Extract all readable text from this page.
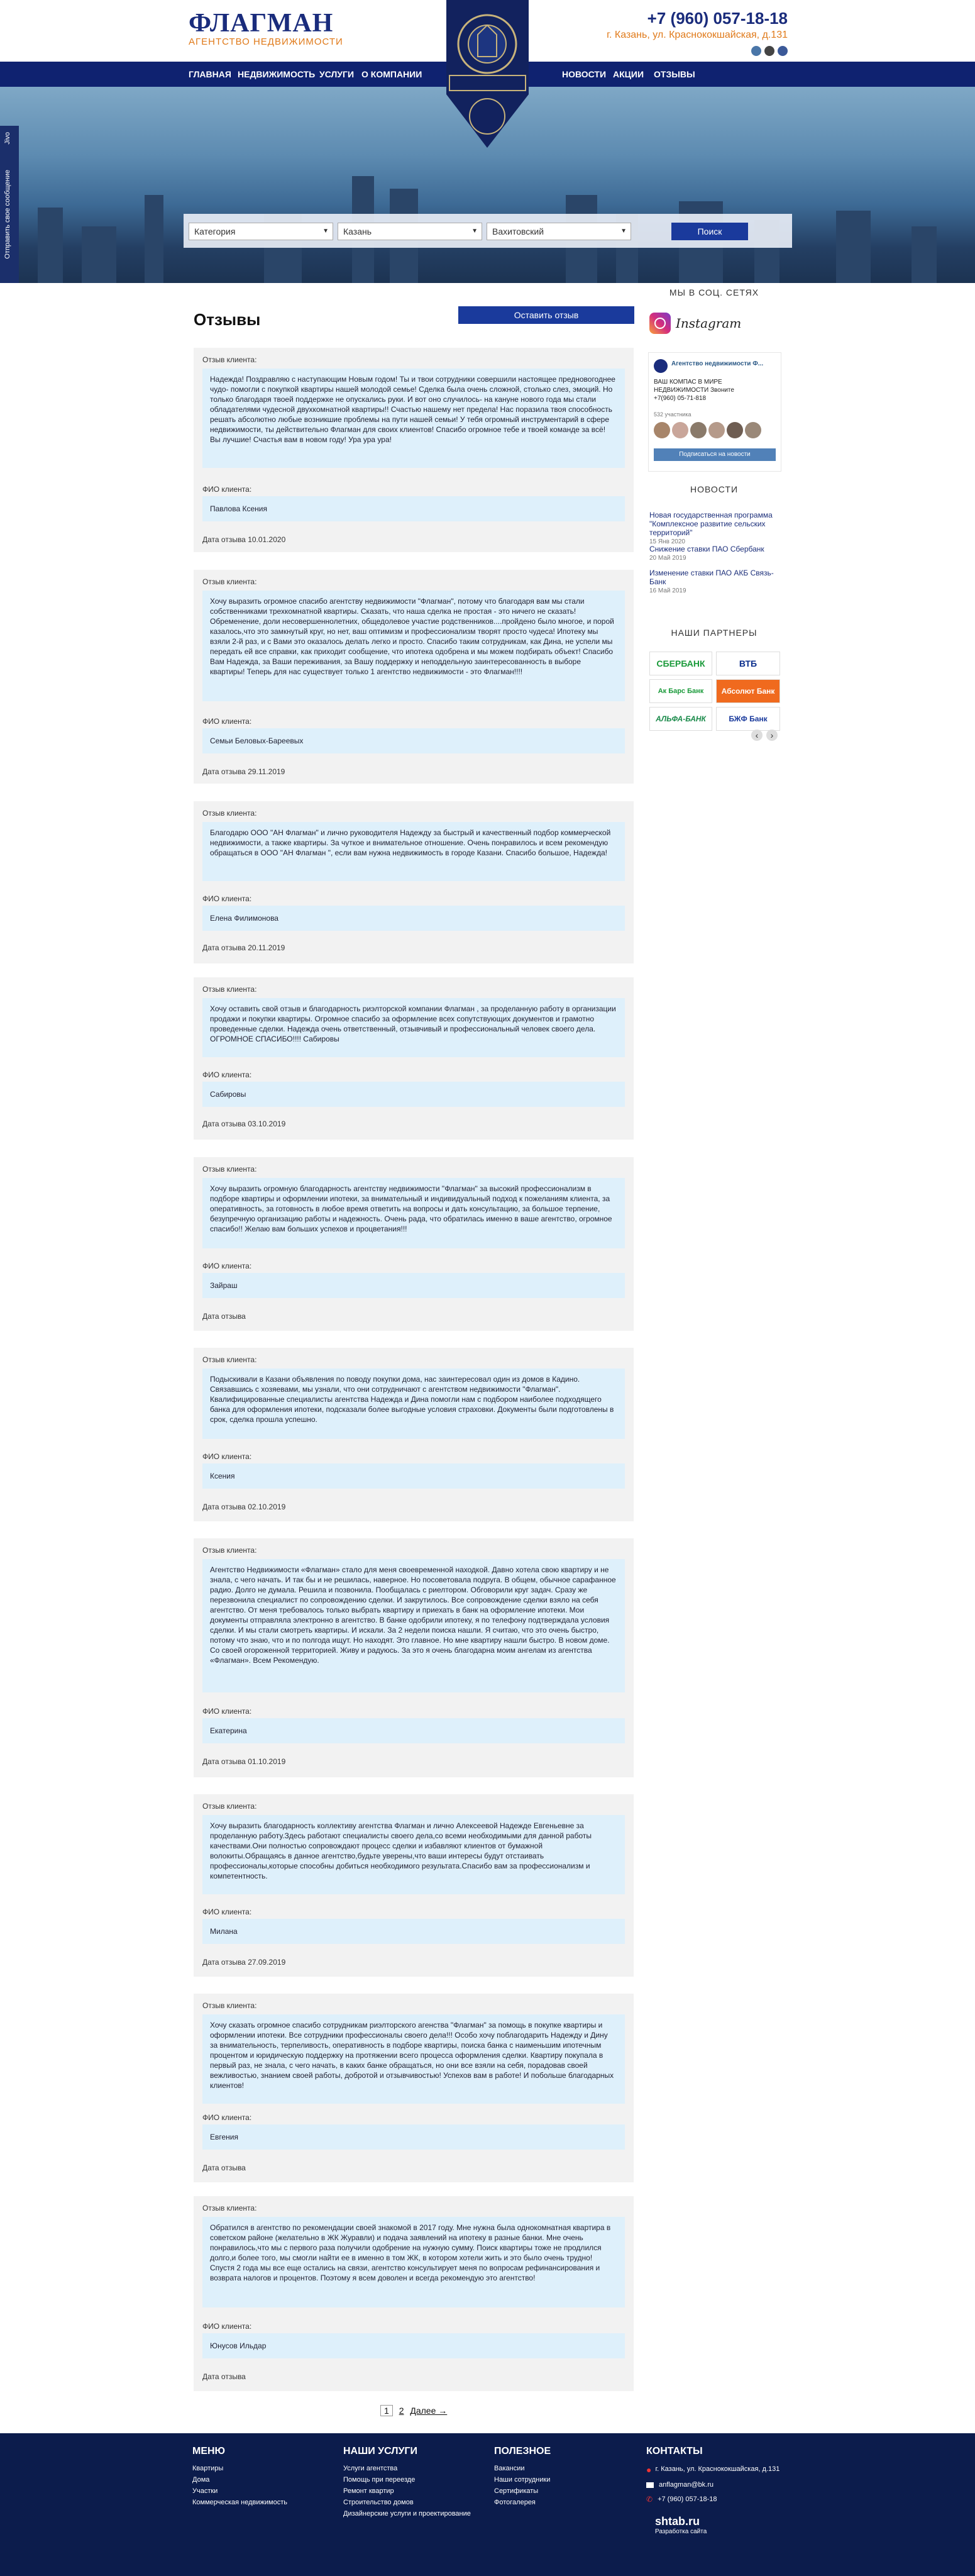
ФЛАГМАН
АГЕНТСТВО НЕДВИЖИМОСТИ
+7 (960) 057-18-18
г. Казань, ул. Краснококшайская, д.131
ГЛАВНАЯ НЕДВИЖИМОСТЬ УСЛУГИ О КОМПАНИИ	НОВОСТИ АКЦИИ ОТЗЫВЫ
Jivo
Отправить свое сообщение	Категория	▼	Казань	▼	Вахитовский	▼	Поиск
Отзывы	Оставить отзыв
Отзыв клиента:
Надежда! Поздравляю с наступающим Новым годом! Ты и твои сотрудники совершили настоящее предновогоднее чудо- помогли с покупкой квартиры нашей молодой семье! Сделка была очень сложной, столько слез, эмоций. Но только благодаря твоей поддержке не опускались руки. И вот оно случилось- на кануне нового года мы стали обладателями чудесной двухкомнатной квартиры!! Счастью нашему нет предела! Нас поразила твоя способность решать абсолютно любые возникшие проблемы на пути нашей семьи! У тебя огромный инструментарий в сфере недвижимости, ты действительно Флагман для своих клиентов! Спасибо огромное тебе и твоей команде за всё! Вы лучшие! Счастья вам в новом году! Ура ура ура!
ФИО клиента:
Павлова Ксения
Дата отзыва 10.01.2020
Отзыв клиента:
Хочу выразить огромное спасибо агентству недвижимости "Флагман", потому что благодаря вам мы стали собственниками трехкомнатной квартиры. Сказать, что наша сделка не простая - это ничего не сказать! Обременение, доли несовершеннолетних, общедолевое участие родственников....пройдено было многое, и порой казалось,что это замкнутый круг, но нет, ваш оптимизм и профессионализм творят просто чудеса! Ипотеку мы взяли 2-й раз, и с Вами это оказалось делать легко и просто. Спасибо таким сотрудникам, как Дина, не успели мы передать ей все справки, как приходит сообщение, что ипотека одобрена и мы можем подбирать объект! Спасибо Вам Надежда, за Ваши переживания, за Вашу поддержку и неподдельную заинтересованность в выборе квартиры! Теперь для нас существует только 1 агентство недвижимости - это Флагман!!!!
ФИО клиента:
Семьи Беловых-Бареевых
Дата отзыва 29.11.2019
Отзыв клиента:
Благодарю ООО "АН Флагман" и лично руководителя Надежду за быстрый и качественный подбор коммерческой недвижимости, а также квартиры. За чуткое и внимательное отношение. Очень понравилось и всем рекомендую обращаться в ООО "АН Флагман ", если вам нужна недвижимость в городе Казани. Спасибо большое, Надежда!
ФИО клиента:
Елена Филимонова
Дата отзыва 20.11.2019
Отзыв клиента:
Хочу оставить свой отзыв и благодарность риэлторской компании Флагман , за проделанную работу в организации продажи и покупки квартиры. Огромное спасибо за оформление всех сопутствующих документов и грамотно проведенные сделки. Надежда очень ответственный, отзывчивый и профессиональный человек своего дела. ОГРОМНОЕ СПАСИБО!!!! Сабировы
ФИО клиента:
Сабировы
Дата отзыва 03.10.2019
Отзыв клиента:
Хочу выразить огромную благодарность агентству недвижимости "Флагман" за высокий профессионализм в подборе квартиры и оформлении ипотеки, за внимательный и индивидуальный подход к пожеланиям клиента, за оперативность, за готовность в любое время ответить на вопросы и дать консультацию, за большое терпение, безупречную организацию работы и надежность. Очень рада, что обратилась именно в ваше агентство, огромное спасибо!! Желаю вам больших успехов и процветания!!!
ФИО клиента:
Зайраш
Дата отзыва
Отзыв клиента:
Подыскивали в Казани объявления по поводу покупки дома, нас заинтересовал один из домов в Кадино. Связавшись с хозяевами, мы узнали, что они сотрудничают с агентством недвижимости "Флагман". Квалифицированные специалисты агентства Надежда и Дина помогли нам с подбором наиболее подходящего банка для оформления ипотеки, подсказали более выгодные условия страховки. Документы были подготовлены в срок, сделка прошла успешно.
ФИО клиента:
Ксения
Дата отзыва 02.10.2019
Отзыв клиента:
Агентство Недвижимости «Флагман» стало для меня своевременной находкой. Давно хотела свою квартиру и не знала, с чего начать. И так бы и не решилась, наверное. Но посоветовала подруга. В общем, обычное сарафанное радио. Долго не думала. Решила и позвонила. Пообщалась с риелтором. Обговорили круг задач. Сразу же перезвонила специалист по сопровождению сделки. И закрутилось. Все сопровождение сделки взяло на себя агентство. От меня требовалось только выбрать квартиру и приехать в банк на оформление ипотеки. Мои документы отправляла электронно в агентство. В банке одобрили ипотеку, я по телефону подтверждала условия сделки. И мы стали смотреть квартиры. И искали. За 2 недели поиска нашли. Я считаю, что это очень быстро, потому что знаю, что и по полгода ищут. Но находят. Это главное. Но мне квартиру нашли быстро. В новом доме. Со своей огороженной территорией. Живу и радуюсь. За это я очень благодарна моим ангелам из агентства «Флагман». Всем Рекомендую.
ФИО клиента:
Екатерина
Дата отзыва 01.10.2019
Отзыв клиента:
Хочу выразить благодарность коллективу агентства Флагман и лично Алексеевой Надежде Евгеньевне за проделанную работу.Здесь работают специалисты своего дела,со всеми необходимыми для данной работы качествами.Они полностью сопровождают процесс сделки и избавляют клиентов от бумажной волокиты.Обращаясь в данное агентство,будьте уверены,что ваши интересы будут отстаивать профессионалы,которые способны добиться необходимого результата.Спасибо вам за профессионализм и компетентность.
ФИО клиента:
Милана
Дата отзыва 27.09.2019
Отзыв клиента:
Хочу сказать огромное спасибо сотрудникам риэлторского агенства "Флагман" за помощь в покупке квартиры и оформлении ипотеки. Все сотрудники профессионалы своего дела!!! Особо хочу поблагодарить Надежду и Дину за внимательность, терпеливость, оперативность в подборе квартиры, поиска банка с наименьшим ипотечным процентом и юридическую поддержку на протяжении всего процесса оформления сделки. Квартиру покупала в первый раз, не знала, с чего начать, в каких банке обращаться, но они все взяли на себя, порадовав своей вежливостью, знанием своей работы, добротой и отзывчивостью! Успехов вам в работе! И побольше благодарных клиентов!
ФИО клиента:
Евгения
Дата отзыва
Отзыв клиента:
Обратился в агентство по рекомендации своей знакомой в 2017 году. Мне нужна была однокомнатная квартира в советском районе (желательно в ЖК Журавли) и подача заявлений на ипотеку в разные банки. Мне очень понравилось,что мы с первого раза получили одобрение на нужную сумму. Поиск квартиры тоже не продлился долго,и более того, мы смогли найти ее в именно в том ЖК, в котором хотели жить и это было очень трудно! Спустя 2 года мы все еще остались на связи, агентство консультирует меня по вопросам рефинансирования и возврата налогов и процентов. Поэтому я всем доволен и всегда рекомендую это агентство!
ФИО клиента:
Юнусов Ильдар
Дата отзыва
1 2 Далее →
МЫ В СОЦ. СЕТЯХ
Instagram
Агентство недвижимости Ф...
ВАШ КОМПАС В МИРЕ НЕДВИЖИМОСТИ Звоните +7(960) 05-71-818
532 участника
Подписаться на новости
НОВОСТИ
Новая государственная программа "Комплексное развитие сельских территорий"
15 Янв 2020
Снижение ставки ПАО Сбербанк
20 Май 2019
Изменение ставки ПАО АКБ Связь-Банк
16 Май 2019
НАШИ ПАРТНЕРЫ
СБЕРБАНК	ВТБ
Ак Барс Банк	Абсолют Банк
АЛЬФА-БАНК	БЖФ Банк
‹	›
МЕНЮ
Квартиры
Дома
Участки
Коммерческая недвижимость
НАШИ УСЛУГИ
Услуги агентства
Помощь при переезде
Ремонт квартир
Строительство домов
Дизайнерские услуги и проектирование
ПОЛЕЗНОЕ
Вакансии
Наши сотрудники
Сертификаты
Фотогалерея
КОНТАКТЫ
● г. Казань, ул. Краснококшайская, д.131
anflagman@bk.ru
✆ +7 (960) 057-18-18
shtab.ru
Разработка сайта
